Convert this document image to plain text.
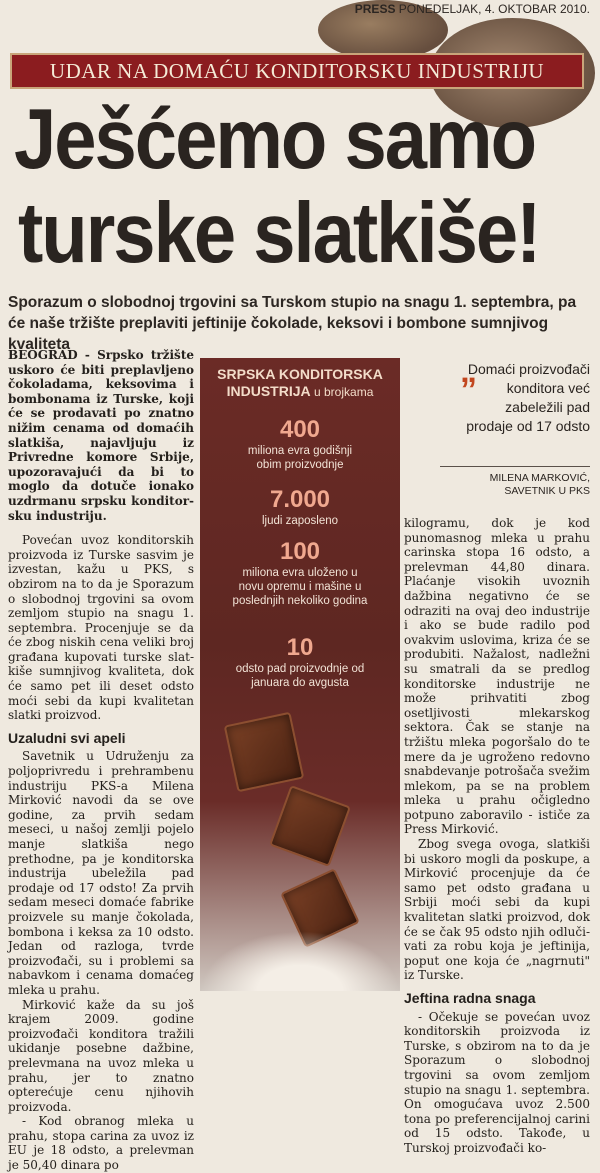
PRESS PONEDELJAK, 4. OKTOBAR 2010.
UDAR NA DOMAĆU KONDITORSKU INDUSTRIJU
Ješćemo samo
turske slatkiše!
Sporazum o slobodnoj trgovini sa Turskom stupio na snagu 1. septembra, pa će naše tržište preplaviti jeftinije čokolade, keksovi i bombone sumnjivog kvaliteta

BEOGRAD - Srpsko tržište uskoro će biti preplavljeno čokoladama, keksovima i bombonama iz Turske, koji će se prodavati po znatno nižim cenama od domaćih slatkiša, najavljuju iz Privredne komore Srbije, upozoravajući da bi to moglo da dotuče ionako uzdrmanu srpsku konditorsku industriju.

Povećan uvoz konditorskih proizvoda iz Turske sasvim je izvestan, kažu u PKS, s obzirom na to da je Sporazum o slobodnoj trgovini sa ovom zemljom stupio na snagu 1. septembra. Procenjuje se da će zbog niskih cena veliki broj građana kupovati turske slatkiše sumnjivog kvaliteta, dok će samo pet ili deset odsto moći sebi da kupi kvalitetan slatki proizvod.

Uzaludni svi apeli

Savetnik u Udruženju za polјoprivredu i prehrambenu industriju PKS-a Milena Mirković navodi da se ove godine, za prvih sedam meseci, u našoj zemlji pojelo manje slatkiša nego prethodne, pa je konditorska industrija ubeležila pad prodaje od 17 odsto! Za prvih sedam meseci domaće fabrike proizvele su manje čokolada, bombona i keksa za 10 odsto. Jedan od razloga, tvrde proizvođači, su i problemi sa nabavkom i cenama domaćeg mleka u prahu.

Mirković kaže da su još krajem 2009. godine proizvođači konditora tražili ukidanje posebne dažbine, prelevmana na uvoz mleka u prahu, jer to znatno opterećuje cenu njihovih proizvoda.

- Kod obranog mleka u prahu, stopa carina za uvoz iz EU je 18 odsto, a prelevman je 50,40 dinara po

SRPSKA KONDITORSKA
INDUSTRIJA u brojkama
400
miliona evra godišnji obim proizvodnje
7.000
ljudi zaposleno
100
miliona evra uloženo u novu opremu i mašine u poslednjih nekoliko godina
10
odsto pad proizvodnje od januara do avgusta
„
Domaći proizvođači konditora već zabeležili pad prodaje od 17 odsto
MILENA MARKOVIĆ,
SAVETNIK U PKS

kilogramu, dok je kod punomasnog mleka u prahu carinska stopa 16 odsto, a prelevman 44,80 dinara. Plaćanje visokih uvoznih dažbina negativno će se odraziti na ovaj deo industrije i ako se bude radilo pod ovakvim uslovima, kriza će se produbiti. Nažalost, nadležni su smatrali da se predlog konditorske industrije ne može prihvatiti zbog osetljivosti mlekarskog sektora. Čak se stanje na tržištu mleka pogoršalo do te mere da je ugroženo redovno snabdevanje potrošača svežim mlekom, pa se na problem mleka u prahu očigledno potpuno zaboravilo - ističe za Press Mirković.

Zbog svega ovoga, slatkiši bi uskoro mogli da poskupe, a Mirković procenjuje da će samo pet odsto građana u Srbiji moći sebi da kupi kvalitetan slatki proizvod, dok će se čak 95 odsto njih odlučivati za robu koja je jeftinija, poput one koja će „nagrnuti" iz Turske.

Jeftina radna snaga

- Očekuje se povećan uvoz konditorskih proizvoda iz Turske, s obzirom na to da je Sporazum o slobodnoj trgovini sa ovom zemljom stupio na snagu 1. septembra. On omogućava uvoz 2.500 tona po preferencijalnoj carini od 15 odsto. Takođe, u Turskoj proizvođači ko-
